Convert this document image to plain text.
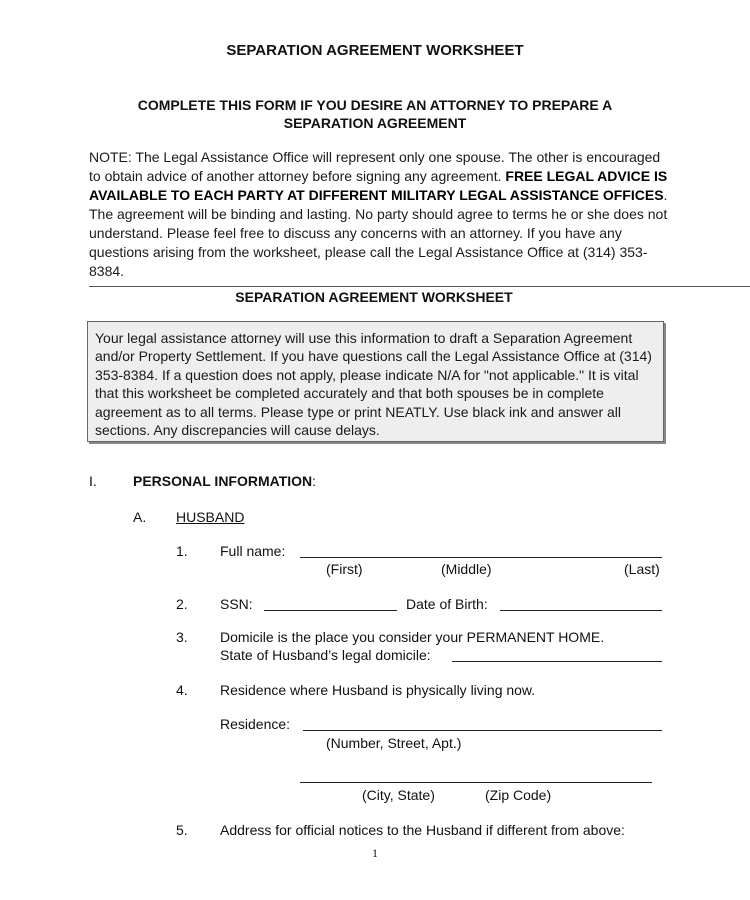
SEPARATION AGREEMENT WORKSHEET
COMPLETE THIS FORM IF YOU DESIRE AN ATTORNEY TO PREPARE A
SEPARATION AGREEMENT
NOTE: The Legal Assistance Office will represent only one spouse. The other is encouraged to obtain advice of another attorney before signing any agreement. FREE LEGAL ADVICE IS AVAILABLE TO EACH PARTY AT DIFFERENT MILITARY LEGAL ASSISTANCE OFFICES. The agreement will be binding and lasting. No party should agree to terms he or she does not understand. Please feel free to discuss any concerns with an attorney. If you have any questions arising from the worksheet, please call the Legal Assistance Office at (314) 353-8384.
SEPARATION AGREEMENT WORKSHEET
Your legal assistance attorney will use this information to draft a Separation Agreement and/or Property Settlement. If you have questions call the Legal Assistance Office at (314) 353-8384. If a question does not apply, please indicate N/A for "not applicable." It is vital that this worksheet be completed accurately and that both spouses be in complete agreement as to all terms. Please type or print NEATLY. Use black ink and answer all sections. Any discrepancies will cause delays.
I.	PERSONAL INFORMATION:
A. HUSBAND
1. Full name:
(First)	(Middle)	(Last)
2. SSN:	Date of Birth:
3. Domicile is the place you consider your PERMANENT HOME.
State of Husband’s legal domicile:
4. Residence where Husband is physically living now.
Residence:
(Number, Street, Apt.)
(City, State)	(Zip Code)
5. Address for official notices to the Husband if different from above:
1
